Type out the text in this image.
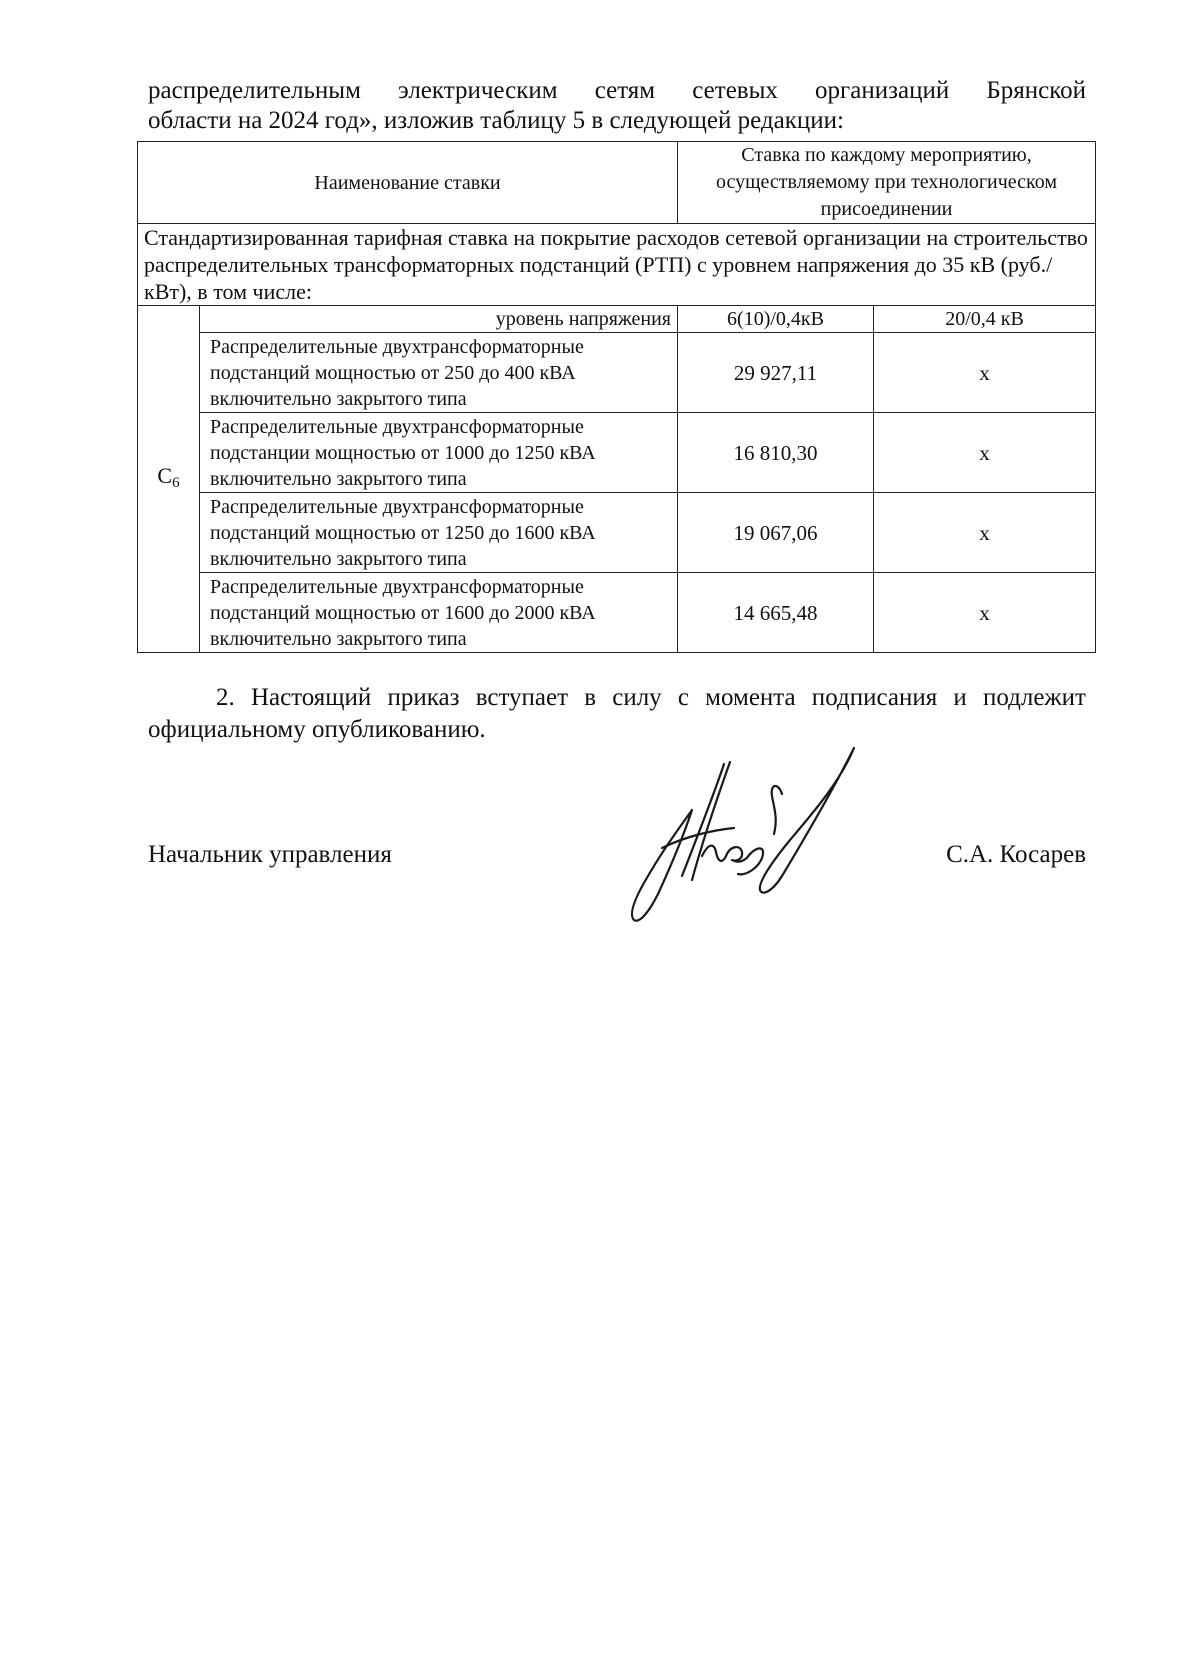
распределительным электрическим сетям сетевых организаций Брянской
области на 2024 год», изложив таблицу 5 в следующей редакции:
Наименование ставки		Ставка по каждому мероприятию, осуществляемому при технологическом присоединении	
Стандартизированная тарифная ставка на покрытие расходов сетевой организации на строительство распределительных трансформаторных подстанций (РТП) с уровнем напряжения до 35 кВ (руб./кВт), в том числе:			
С6	уровень напряжения	6(10)/0,4кВ	20/0,4 кВ
	Распределительные двухтрансформаторные подстанций мощностью от 250 до 400 кВА включительно закрытого типа	29 927,11	х
	Распределительные двухтрансформаторные подстанции мощностью от 1000 до 1250 кВА включительно закрытого типа	16 810,30	х
	Распределительные двухтрансформаторные подстанций мощностью от 1250 до 1600 кВА включительно закрытого типа	19 067,06	х
	Распределительные двухтрансформаторные подстанций мощностью от 1600 до 2000 кВА включительно закрытого типа	14 665,48	х
2. Настоящий приказ вступает в силу с момента подписания и подлежит официальному опубликованию.
Начальник управления	С.А. Косарев
